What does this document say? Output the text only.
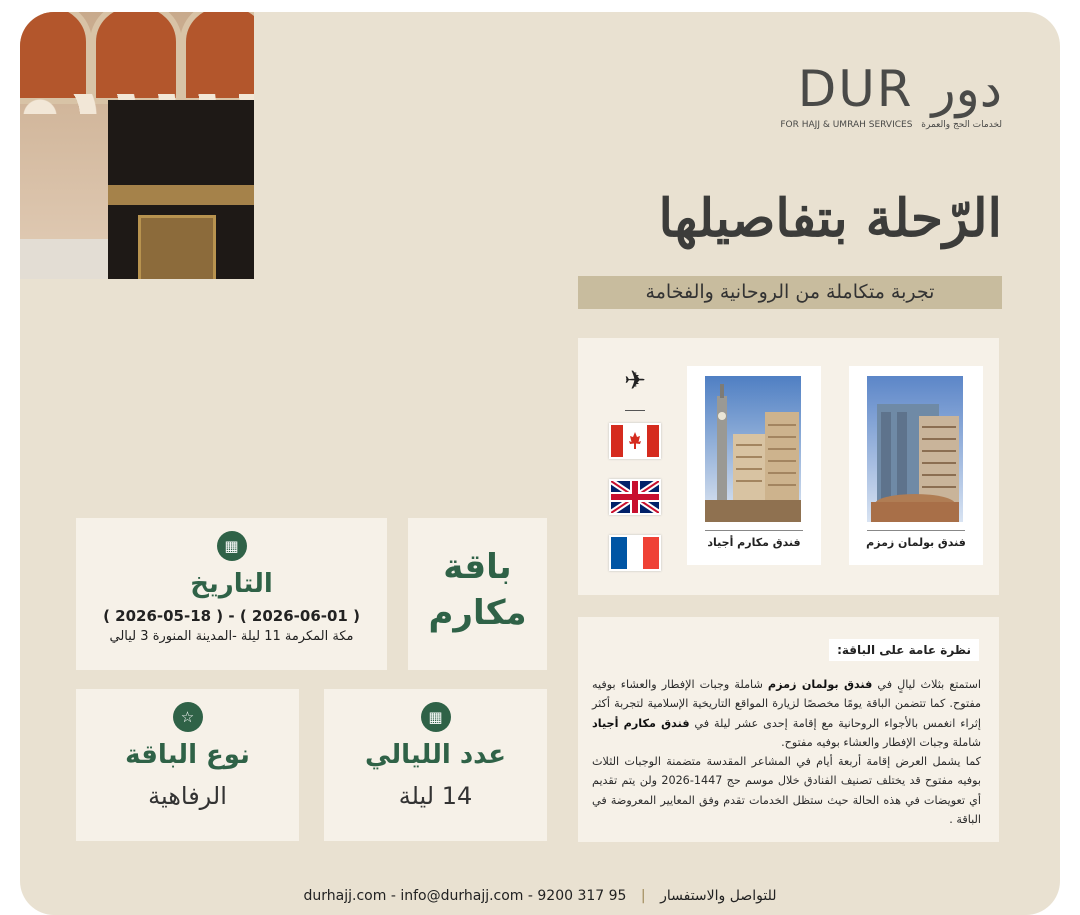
DUR دور
FOR HAJJ & UMRAH SERVICES لخدمات الحج والعمرة
الرّحلة بتفاصيلها
تجربة متكاملة من الروحانية والفخامة
فندق بولمان زمزم
فندق مكارم أجياد
✈
نظرة عامة على الباقة:
استمتع بثلاث ليالٍ في فندق بولمان زمزم شاملة وجبات الإفطار والعشاء بوفيه مفتوح. كما تتضمن الباقة يومًا مخصصًا لزيارة المواقع التاريخية الإسلامية لتجربة أكثر إثراء انغمس بالأجواء الروحانية مع إقامة إحدى عشر ليلة في فندق مكارم أجياد شاملة وجبات الإفطار والعشاء بوفيه مفتوح.
كما يشمل العرض إقامة أربعة أيام في المشاعر المقدسة متضمنة الوجبات الثلاث بوفيه مفتوح قد يختلف تصنيف الفنادق خلال موسم حج 1447-2026 ولن يتم تقديم أي تعويضات في هذه الحالة حيث ستظل الخدمات تقدم وفق المعايير المعروضة في الباقة .
▦
التاريخ
( 2026-05-18 ) - ( 2026-06-01 )
مكة المكرمة 11 ليلة -المدينة المنورة 3 ليالي
باقة
مكارم
▦
عدد الليالي
14 ليلة
☆
نوع الباقة
الرفاهية
durhajj.com - info@durhajj.com - 9200 317 95 | للتواصل والاستفسار
